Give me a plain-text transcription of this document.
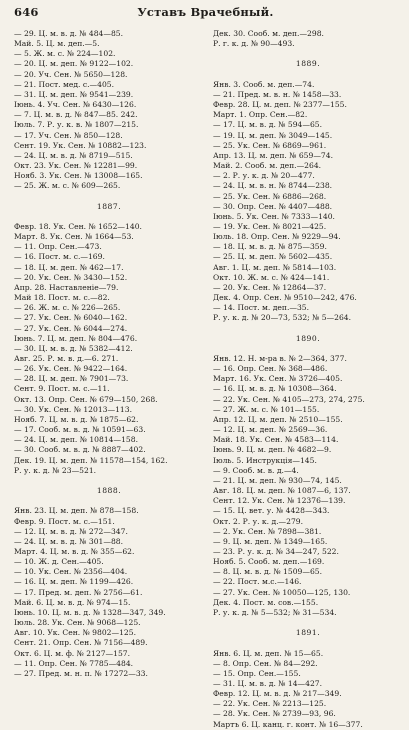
646	Уставъ Врачебный.
— 29. Ц. м. в. д. № 484—85.
Май. 5. Ц. м. деп.—5.
— 5. Ж. м. с. № 224—102.
— 20. Ц. м. деп. № 9122—102.
— 20. Уч. Сен. № 5650—128.
— 21. Пост. мед. с.—405.
— 31. Ц. м. деп. № 9541—239.
Іюнь. 4. Уч. Сен. № 6430—126.
— 7. Ц. м. в. д. № 847—85. 242.
Іюль. 7. Р. у. к. в. № 1807—215.
— 17. Уч. Сен. № 850—128.
Сент. 19. Ук. Сен. № 10882—123.
— 24. Ц. м. в. д. № 8719—515.
Окт. 23. Ук. Сен. № 12281—99.
Нояб. 3. Ук. Сен. № 13008—165.
— 25. Ж. м. с. № 609—265.
1887.
Февр. 18. Ук. Сен. № 1652—140.
Март. 8. Ук. Сен. № 1664—53.
— 11. Опр. Сен.—473.
— 16. Пост. м. с.—169.
— 18. Ц. м. деп. № 462—17.
— 20. Ук. Сен. № 3430—152.
Апр. 28. Наставленіе—79.
Май 18. Пост. м. с.—82.
— 26. Ж. м. с. № 226—265.
— 27. Ук. Сен. № 6040—162.
— 27. Ук. Сен. № 6044—274.
Іюнь. 7. Ц. м. деп. № 804—476.
— 30. Ц. м. в. д. № 5382—412.
Авг. 25. Р. м. в. д.—6. 271.
— 26. Ук. Сен. № 9422—164.
— 28. Ц. м. деп. № 7901—73.
Сент. 9. Пост. м. с.—11.
Окт. 13. Опр. Сен. № 679—150, 268.
— 30. Ук. Сен. № 12013—113.
Нояб. 7. Ц. м. в. д. № 1875—62.
— 17. Сооб. м. в. д. № 10591—63.
— 24. Ц. м. деп. № 10814—158.
— 30. Сооб. м. в. д. № 8887—402.
Дек. 19. Ц. м. деп. № 11578—154, 162.
Р. у. к. д. № 23—521.
1888.
Янв. 23. Ц. м. деп. № 878—158.
Февр. 9. Пост. м. с.—151.
— 12. Ц. м. в. д. № 272—347.
— 24. Ц. м. в. д. № 301—88.
Март. 4. Ц. м. в. д. № 355—62.
— 10. Ж. д. Сен.—405.
— 10. Ук. Сен. № 2356—404.
— 16. Ц. м. деп. № 1199—426.
— 17. Пред. м. деп. № 2756—61.
Май. 6. Ц. м. в. д. № 974—15.
Іюнь. 10. Ц. м. в. д. № 1328—347, 349.
Іюль. 28. Ук. Сен. № 9068—125.
Авг. 10. Ук. Сен. № 9802—125.
Сент. 21. Опр. Сен. № 7156—489.
Окт. 6. Ц. м. ф. № 2127—157.
— 11. Опр. Сен. № 7785—484.
— 27. Пред. м. н. п. № 17272—33.
Дек. 30. Сооб. м. деп.—298.
Р. г. к. д. № 90—493.
1889.
Янв. 3. Сооб. м. деп.—74.
— 21. Пред. м. в. н. № 1458—33.
Февр. 28. Ц. м. деп. № 2377—155.
Март. 1. Опр. Сен.—82.
— 17. Ц. м. в. д. № 594—65.
— 19. Ц. м. деп. № 3049—145.
— 25. Ук. Сен. № 6869—961.
Апр. 13. Ц. м. деп. № 659—74.
Май. 2. Сооб. м. деп.—264.
— 2. Р. у. к. д. № 20—477.
— 24. Ц. м. в. н. № 8744—238.
— 25. Ук. Сен. № 6886—268.
— 30. Опр. Сен. № 4407—488.
Іюнь. 5. Ук. Сен. № 7333—140.
— 19. Ук. Сен. № 8021—425.
Іюль. 18. Опр. Сен. № 9229—94.
— 18. Ц. м. в. д. № 875—359.
— 25. Ц. м. деп. № 5602—435.
Авг. 1. Ц. м. деп. № 5814—103.
Окт. 10. Ж. м. с. № 424—141.
— 20. Ук. Сен. № 12864—37.
Дек. 4. Опр. Сен. № 9510—242, 476.
— 14. Пост. м. деп.—35.
Р. у. к. д. № 20—73, 532; № 5—264.
1890.
Янв. 12. Н. м-ра в. № 2—364, 377.
— 16. Опр. Сен. № 368—486.
Март. 16. Ук. Сен. № 3726—405.
— 16. Ц. м. в. д. № 10308—364.
— 22. Ук. Сен. № 4105—273, 274, 275.
— 27. Ж. м. с. № 101—155.
Апр. 12. Ц. м. деп. № 2510—155.
— 12. Ц. м. деп. № 2569—36.
Май. 18. Ук. Сен. № 4583—114.
Іюнь. 9. Ц. м. деп. № 4682—9.
Іюль. 5. Инструкція—145.
— 9. Сооб. м. в. д.—4.
— 21. Ц. м. деп. № 930—74, 145.
Авг. 18. Ц. м. деп. № 1087—6, 137.
Сент. 12. Ук. Сен. № 12376—139.
— 15. Ц. вет. у. № 4428—343.
Окт. 2. Р. у. к. д.—279.
— 2. Ук. Сен. № 7898—381.
— 9. Ц. м. деп. № 1349—165.
— 23. Р. у. к. д. № 34—247, 522.
Нояб. 5. Сооб. м. деп.—169.
— 8. Ц. м. в. д. № 1509—65.
— 22. Пост. м.с.—146.
— 27. Ук. Сен. № 10050—125, 130.
Дек. 4. Пост. м. сов.—155.
Р. у. к. д. № 5—532; № 31—534.
1891.
Янв. 6. Ц. м. деп. № 15—65.
— 8. Опр. Сен. № 84—292.
— 15. Опр. Сен.—155.
— 31. Ц. м. в. д. № 14—427.
Февр. 12. Ц. м. в. д. № 217—349.
— 22. Ук. Сен. № 2213—125.
— 28. Ук. Сен. № 2739—93, 96.
Мартъ 6. Ц. канц. г. конт. № 16—377.
